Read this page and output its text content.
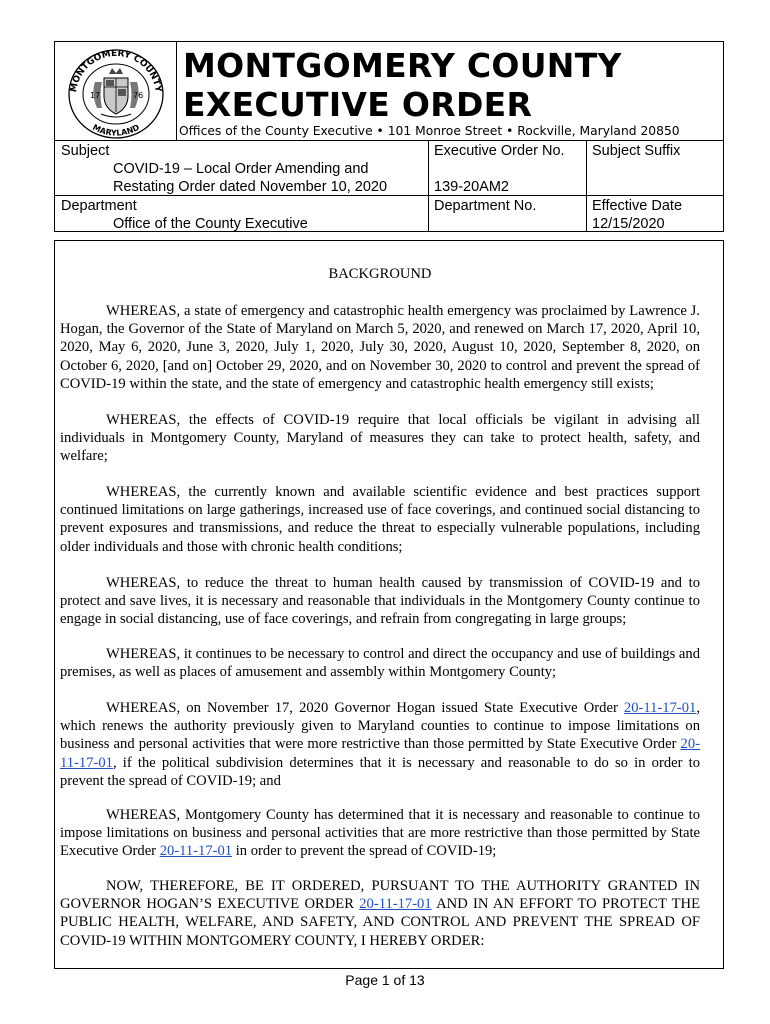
MONTGOMERY COUNTY
MARYLAND
17	76
MONTGOMERY COUNTY
EXECUTIVE ORDER
Offices of the County Executive • 101 Monroe Street • Rockville, Maryland 20850
Subject
COVID-19 – Local Order Amending and
Restating Order dated November 10, 2020
Executive Order No.
139-20AM2
Subject Suffix
Department
Office of the County Executive
Department No.	Effective Date
12/15/2020
BACKGROUND
WHEREAS, a state of emergency and catastrophic health emergency was proclaimed by Lawrence J. Hogan, the Governor of the State of Maryland on March 5, 2020, and renewed on March 17, 2020, April 10, 2020, May 6, 2020, June 3, 2020, July 1, 2020, July 30, 2020, August 10, 2020, September 8, 2020, on October 6, 2020, [and on] October 29, 2020, and on November 30, 2020 to control and prevent the spread of COVID-19 within the state, and the state of emergency and catastrophic health emergency still exists;
WHEREAS, the effects of COVID-19 require that local officials be vigilant in advising all individuals in Montgomery County, Maryland of measures they can take to protect health, safety, and welfare;
WHEREAS, the currently known and available scientific evidence and best practices support continued limitations on large gatherings, increased use of face coverings, and continued social distancing to prevent exposures and transmissions, and reduce the threat to especially vulnerable populations, including older individuals and those with chronic health conditions;
WHEREAS, to reduce the threat to human health caused by transmission of COVID-19 and to protect and save lives, it is necessary and reasonable that individuals in the Montgomery County continue to engage in social distancing, use of face coverings, and refrain from congregating in large groups;
WHEREAS, it continues to be necessary to control and direct the occupancy and use of buildings and premises, as well as places of amusement and assembly within Montgomery County;
WHEREAS, on November 17, 2020 Governor Hogan issued State Executive Order 20-11-17-01, which renews the authority previously given to Maryland counties to continue to impose limitations on business and personal activities that were more restrictive than those permitted by State Executive Order 20-11-17-01, if the political subdivision determines that it is necessary and reasonable to do so in order to prevent the spread of COVID-19; and
WHEREAS, Montgomery County has determined that it is necessary and reasonable to continue to impose limitations on business and personal activities that are more restrictive than those permitted by State Executive Order 20-11-17-01 in order to prevent the spread of COVID-19;
NOW, THEREFORE, BE IT ORDERED, PURSUANT TO THE AUTHORITY GRANTED IN GOVERNOR HOGAN’S EXECUTIVE ORDER 20-11-17-01 AND IN AN EFFORT TO PROTECT THE PUBLIC HEALTH, WELFARE, AND SAFETY, AND CONTROL AND PREVENT THE SPREAD OF COVID-19 WITHIN MONTGOMERY COUNTY, I HEREBY ORDER:
Page 1 of 13
